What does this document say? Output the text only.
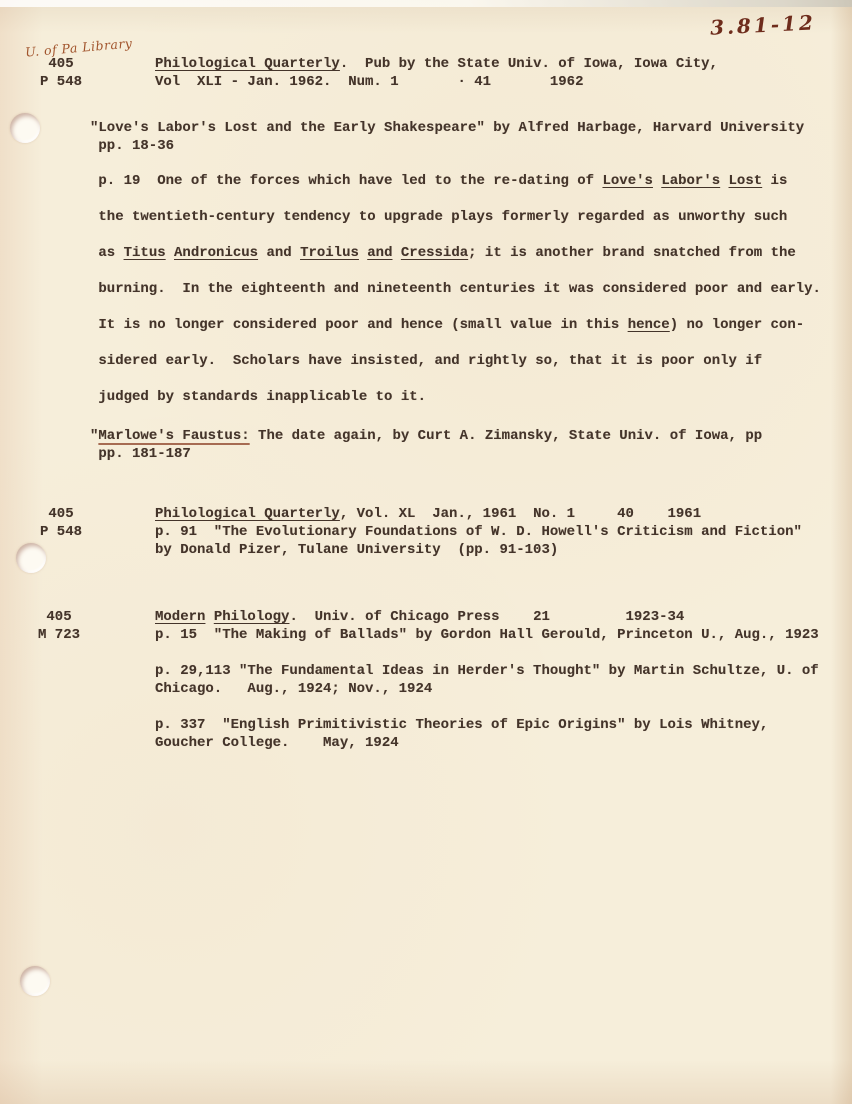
3.81-12
U. of Pa Library
405
P 548
Philological Quarterly.  Pub by the State Univ. of Iowa, Iowa City,
Vol  XLI - Jan. 1962.  Num. 1       · 41       1962
"Love's Labor's Lost and the Early Shakespeare" by Alfred Harbage, Harvard University
pp. 18-36
p. 19  One of the forces which have led to the re-dating of Love's Labor's Lost is
the twentieth-century tendency to upgrade plays formerly regarded as unworthy such
as Titus Andronicus and Troilus and Cressida; it is another brand snatched from the
burning.  In the eighteenth and nineteenth centuries it was considered poor and early.
It is no longer considered poor and hence (small value in this hence) no longer con-
sidered early.  Scholars have insisted, and rightly so, that it is poor only if
judged by standards inapplicable to it.
"Marlowe's Faustus: The date again, by Curt A. Zimansky, State Univ. of Iowa, pp
pp. 181-187
405
P 548
Philological Quarterly, Vol. XL  Jan., 1961  No. 1     40    1961
p. 91  "The Evolutionary Foundations of W. D. Howell's Criticism and Fiction"
by Donald Pizer, Tulane University  (pp. 91-103)
405
M 723
Modern Philology.  Univ. of Chicago Press    21         1923-34
p. 15  "The Making of Ballads" by Gordon Hall Gerould, Princeton U., Aug., 1923
p. 29,113 "The Fundamental Ideas in Herder's Thought" by Martin Schultze, U. of
Chicago.   Aug., 1924; Nov., 1924
p. 337  "English Primitivistic Theories of Epic Origins" by Lois Whitney,
Goucher College.    May, 1924
